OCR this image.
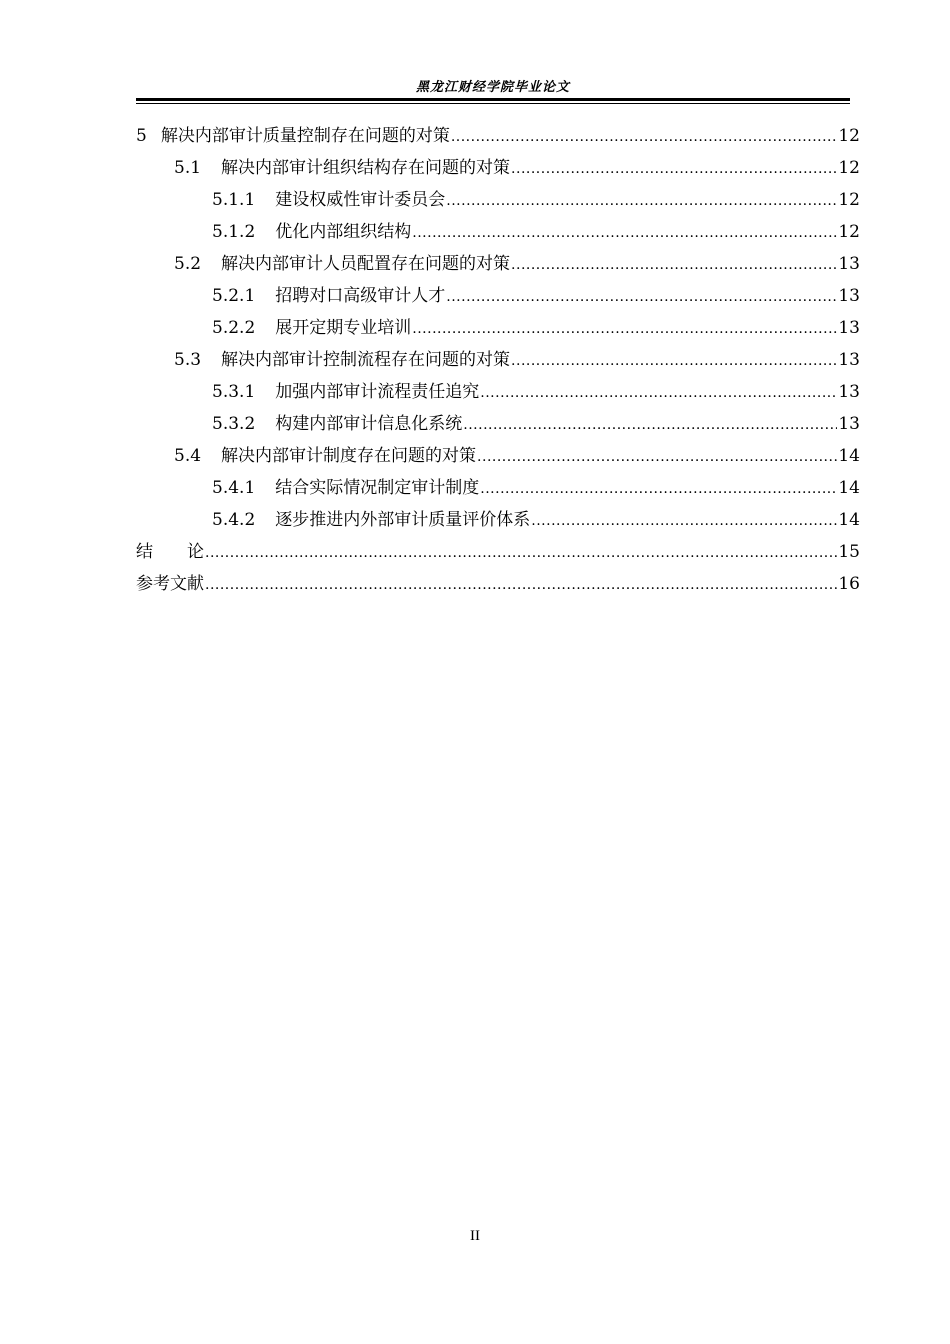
黑龙江财经学院毕业论文
5 解决内部审计质量控制存在问题的对策 .....	12
5.1 解决内部审计组织结构存在问题的对策 .....	12
5.1.1 建设权威性审计委员会 .....	12
5.1.2 优化内部组织结构 .....	12
5.2 解决内部审计人员配置存在问题的对策 .....	13
5.2.1 招聘对口高级审计人才 .....	13
5.2.2 展开定期专业培训 .....	13
5.3 解决内部审计控制流程存在问题的对策 .....	13
5.3.1 加强内部审计流程责任追究 .....	13
5.3.2 构建内部审计信息化系统 .....	13
5.4 解决内部审计制度存在问题的对策 .....	14
5.4.1 结合实际情况制定审计制度 .....	14
5.4.2 逐步推进内外部审计质量评价体系 .....	14
结　　论 .....	15
参考文献 .....	16
II
